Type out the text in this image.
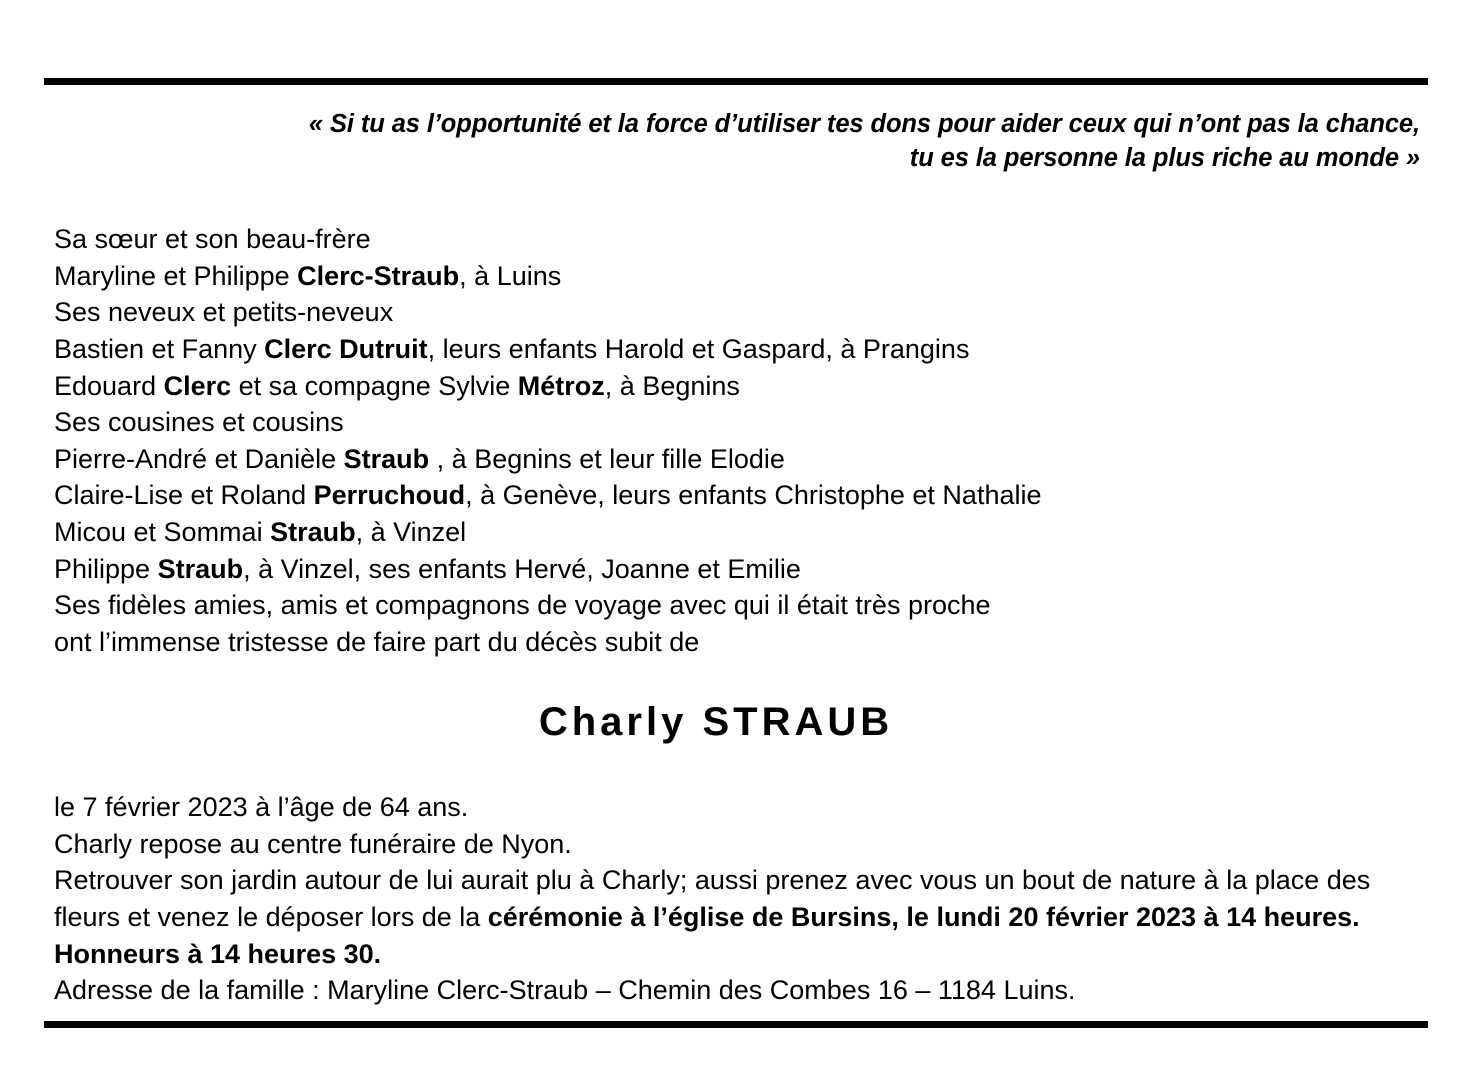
« Si tu as l’opportunité et la force d’utiliser tes dons pour aider ceux qui n’ont pas la chance,
tu es la personne la plus riche au monde »
Sa sœur et son beau-frère
Maryline et Philippe Clerc-Straub, à Luins
Ses neveux et petits-neveux
Bastien et Fanny Clerc Dutruit, leurs enfants Harold et Gaspard, à Prangins
Edouard Clerc et sa compagne Sylvie Métroz, à Begnins
Ses cousines et cousins
Pierre-André et Danièle Straub , à Begnins et leur fille Elodie
Claire-Lise et Roland Perruchoud, à Genève, leurs enfants Christophe et Nathalie
Micou et Sommai Straub, à Vinzel
Philippe Straub, à Vinzel, ses enfants Hervé, Joanne et Emilie
Ses fidèles amies, amis et compagnons de voyage avec qui il était très proche
ont l’immense tristesse de faire part du décès subit de
Charly STRAUB
le 7 février 2023 à l’âge de 64 ans.
Charly repose au centre funéraire de Nyon.
Retrouver son jardin autour de lui aurait plu à Charly; aussi prenez avec vous un bout de nature à la place des fleurs et venez le déposer lors de la cérémonie à l’église de Bursins, le lundi 20 février 2023 à 14 heures.
Honneurs à 14 heures 30.
Adresse de la famille : Maryline Clerc-Straub – Chemin des Combes 16 – 1184 Luins.
